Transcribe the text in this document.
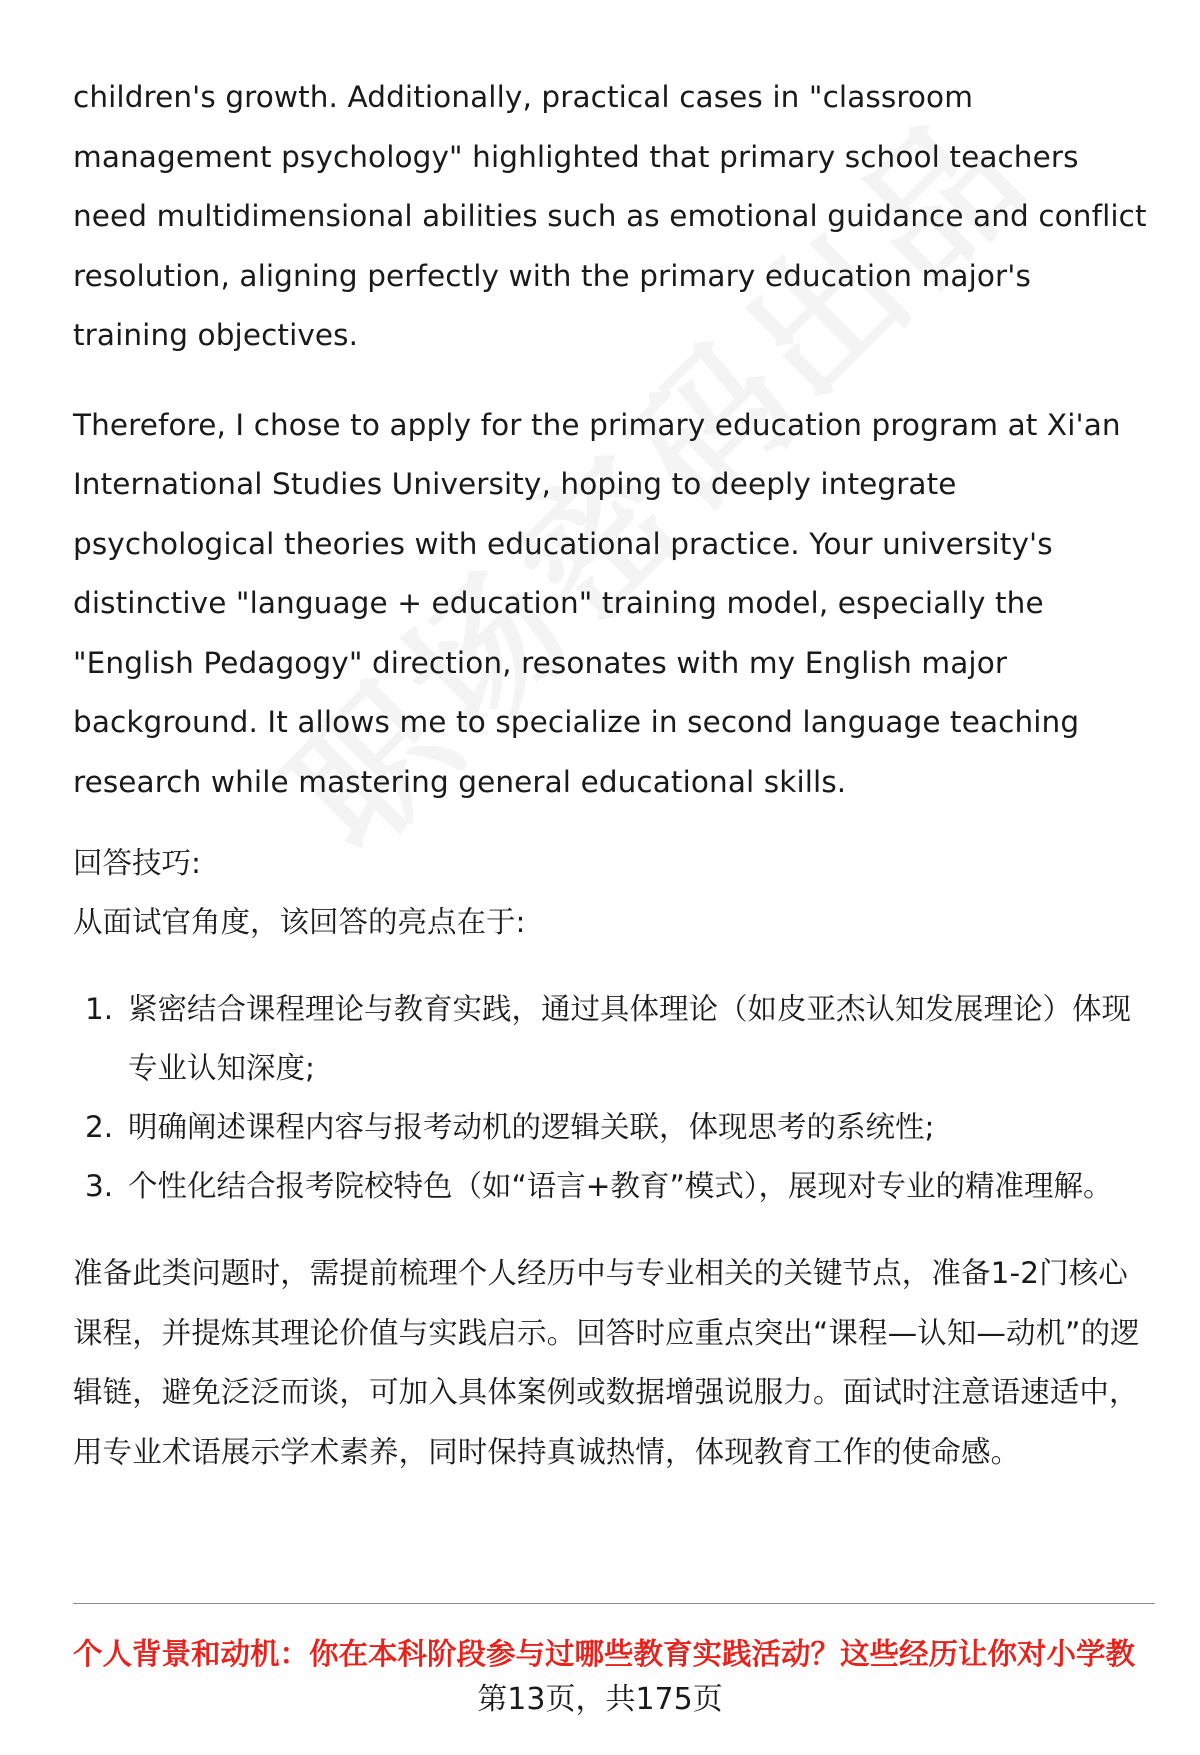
children's growth. Additionally, practical cases in "classroom management psychology" highlighted that primary school teachers need multidimensional abilities such as emotional guidance and conflict resolution, aligning perfectly with the primary education major's training objectives.

Therefore, I chose to apply for the primary education program at Xi'an International Studies University, hoping to deeply integrate psychological theories with educational practice. Your university's distinctive "language + education" training model, especially the "English Pedagogy" direction, resonates with my English major background. It allows me to specialize in second language teaching research while mastering general educational skills.

回答技巧:

从面试官角度，该回答的亮点在于:

1. 紧密结合课程理论与教育实践，通过具体理论（如皮亚杰认知发展理论）体现专业认知深度;
2. 明确阐述课程内容与报考动机的逻辑关联，体现思考的系统性;
3. 个性化结合报考院校特色（如“语言+教育”模式），展现对专业的精准理解。

准备此类问题时，需提前梳理个人经历中与专业相关的关键节点，准备1-2门核心课程，并提炼其理论价值与实践启示。回答时应重点突出“课程—认知—动机”的逻辑链，避免泛泛而谈，可加入具体案例或数据增强说服力。面试时注意语速适中，用专业术语展示学术素养，同时保持真诚热情，体现教育工作的使命感。

个人背景和动机：你在本科阶段参与过哪些教育实践活动？这些经历让你对小学教
第13页，共175页
